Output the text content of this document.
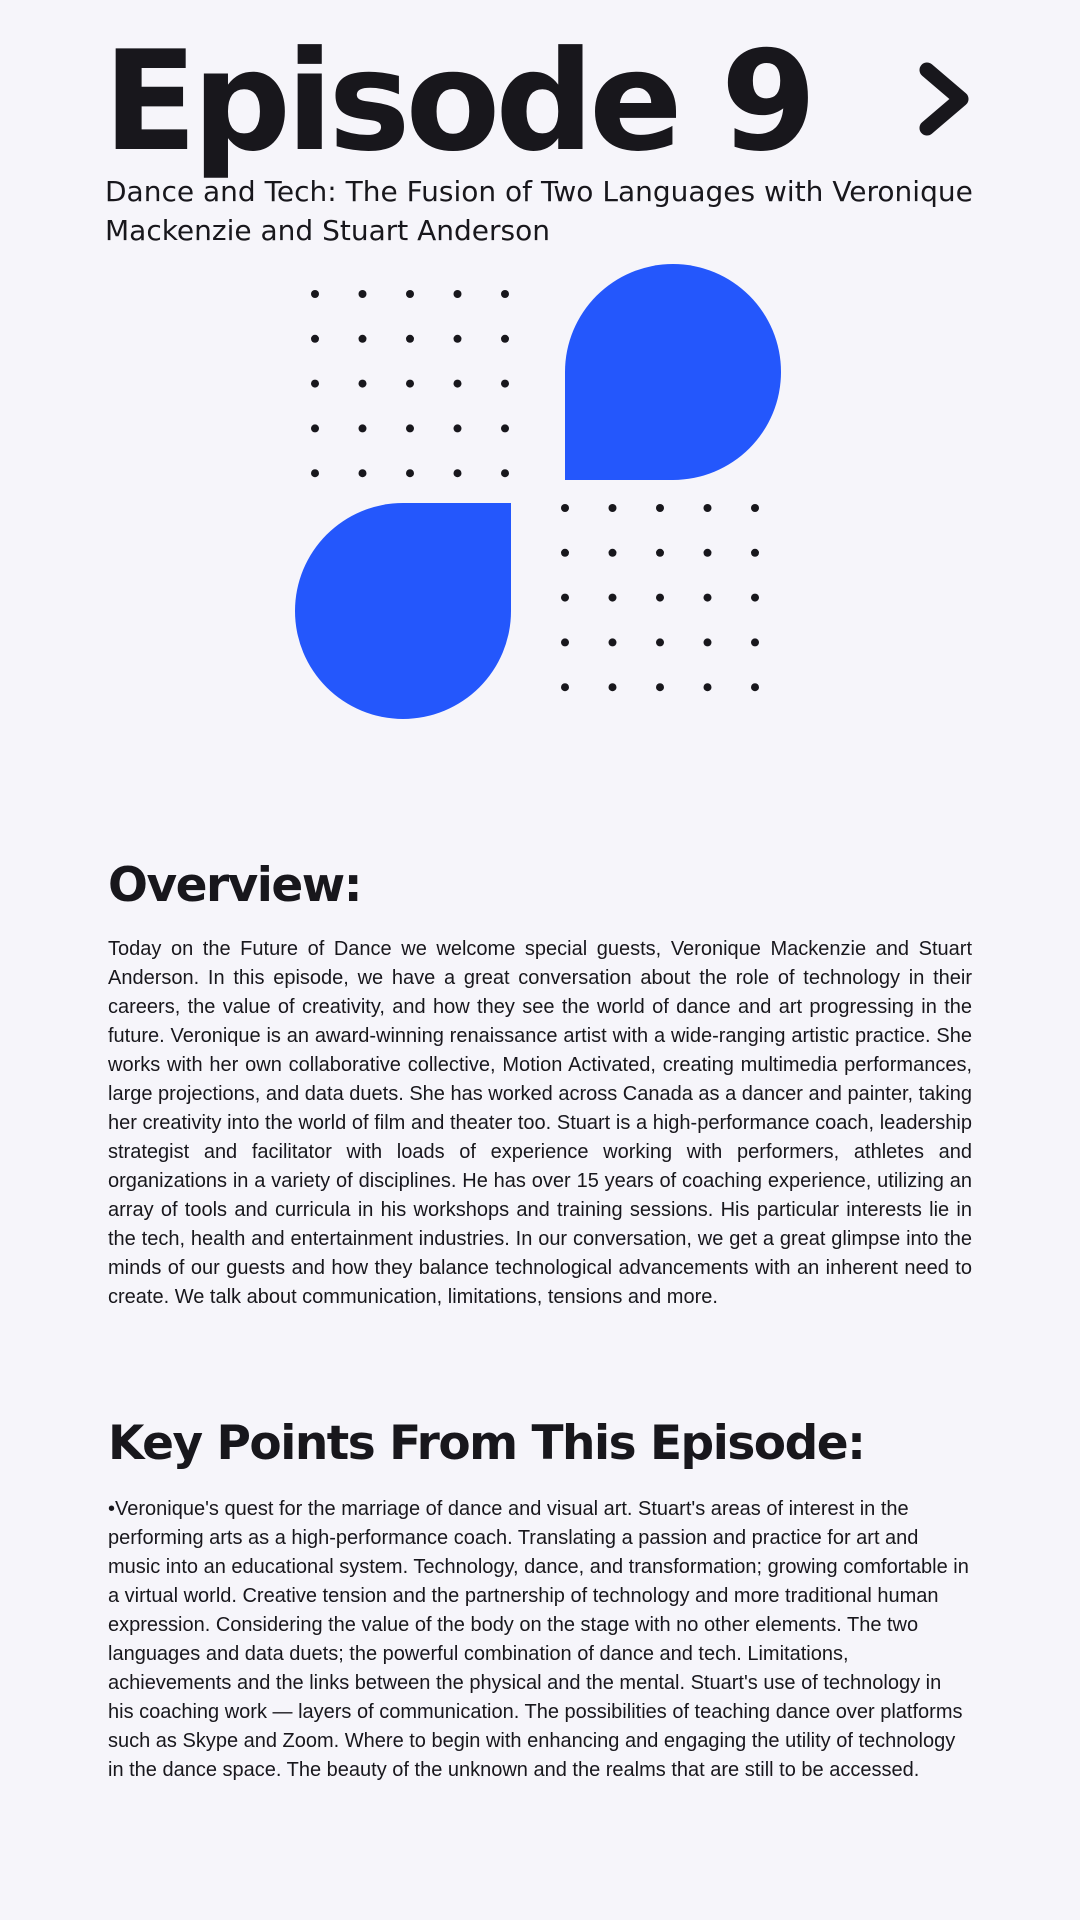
Episode 9

Dance and Tech: The Fusion of Two Languages with Veronique Mackenzie and Stuart Anderson

Overview:

Today on the Future of Dance we welcome special guests, Veronique Mackenzie and Stuart Anderson. In this episode, we have a great conversation about the role of technology in their careers, the value of creativity, and how they see the world of dance and art progressing in the future. Veronique is an award-winning renaissance artist with a wide-ranging artistic practice. She works with her own collaborative collective, Motion Activated, creating multimedia performances, large projections, and data duets. She has worked across Canada as a dancer and painter, taking her creativity into the world of film and theater too. Stuart is a high-performance coach, leadership strategist and facilitator with loads of experience working with performers, athletes and organizations in a variety of disciplines. He has over 15 years of coaching experience, utilizing an array of tools and curricula in his workshops and training sessions. His particular interests lie in the tech, health and entertainment industries. In our conversation, we get a great glimpse into the minds of our guests and how they balance technological advancements with an inherent need to create. We talk about communication, limitations, tensions and more.

Key Points From This Episode:

•Veronique's quest for the marriage of dance and visual art. Stuart's areas of interest in the performing arts as a high-performance coach. Translating a passion and practice for art and music into an educational system. Technology, dance, and transformation; growing comfortable in a virtual world. Creative tension and the partnership of technology and more traditional human expression. Considering the value of the body on the stage with no other elements. The two languages and data duets; the powerful combination of dance and tech. Limitations, achievements and the links between the physical and the mental. Stuart's use of technology in his coaching work — layers of communication. The possibilities of teaching dance over platforms such as Skype and Zoom. Where to begin with enhancing and engaging the utility of technology in the dance space. The beauty of the unknown and the realms that are still to be accessed.
